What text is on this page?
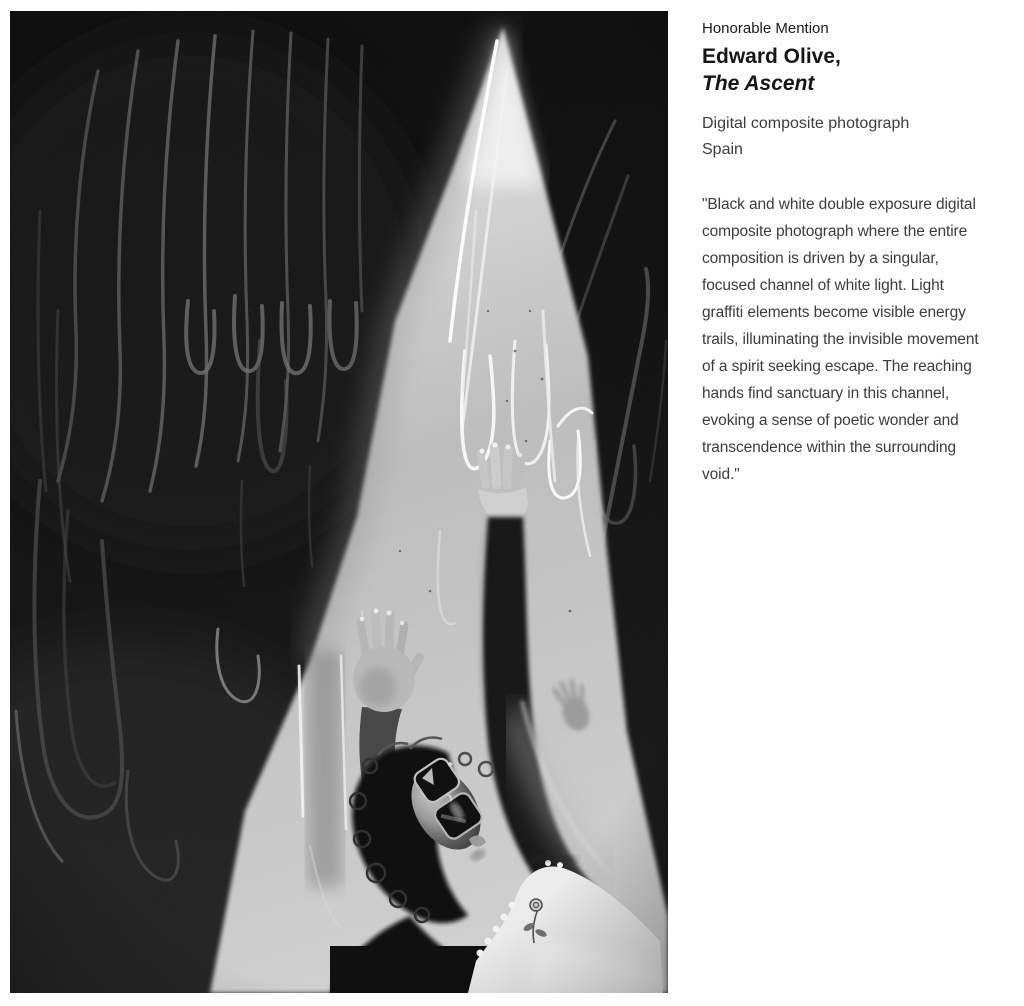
Honorable Mention
Edward Olive,
The Ascent
Digital composite photograph
Spain
"Black and white double exposure digital
composite photograph where the entire
composition is driven by a singular,
focused channel of white light. Light
graffiti elements become visible energy
trails, illuminating the invisible movement
of a spirit seeking escape. The reaching
hands find sanctuary in this channel,
evoking a sense of poetic wonder and
transcendence within the surrounding
void."
